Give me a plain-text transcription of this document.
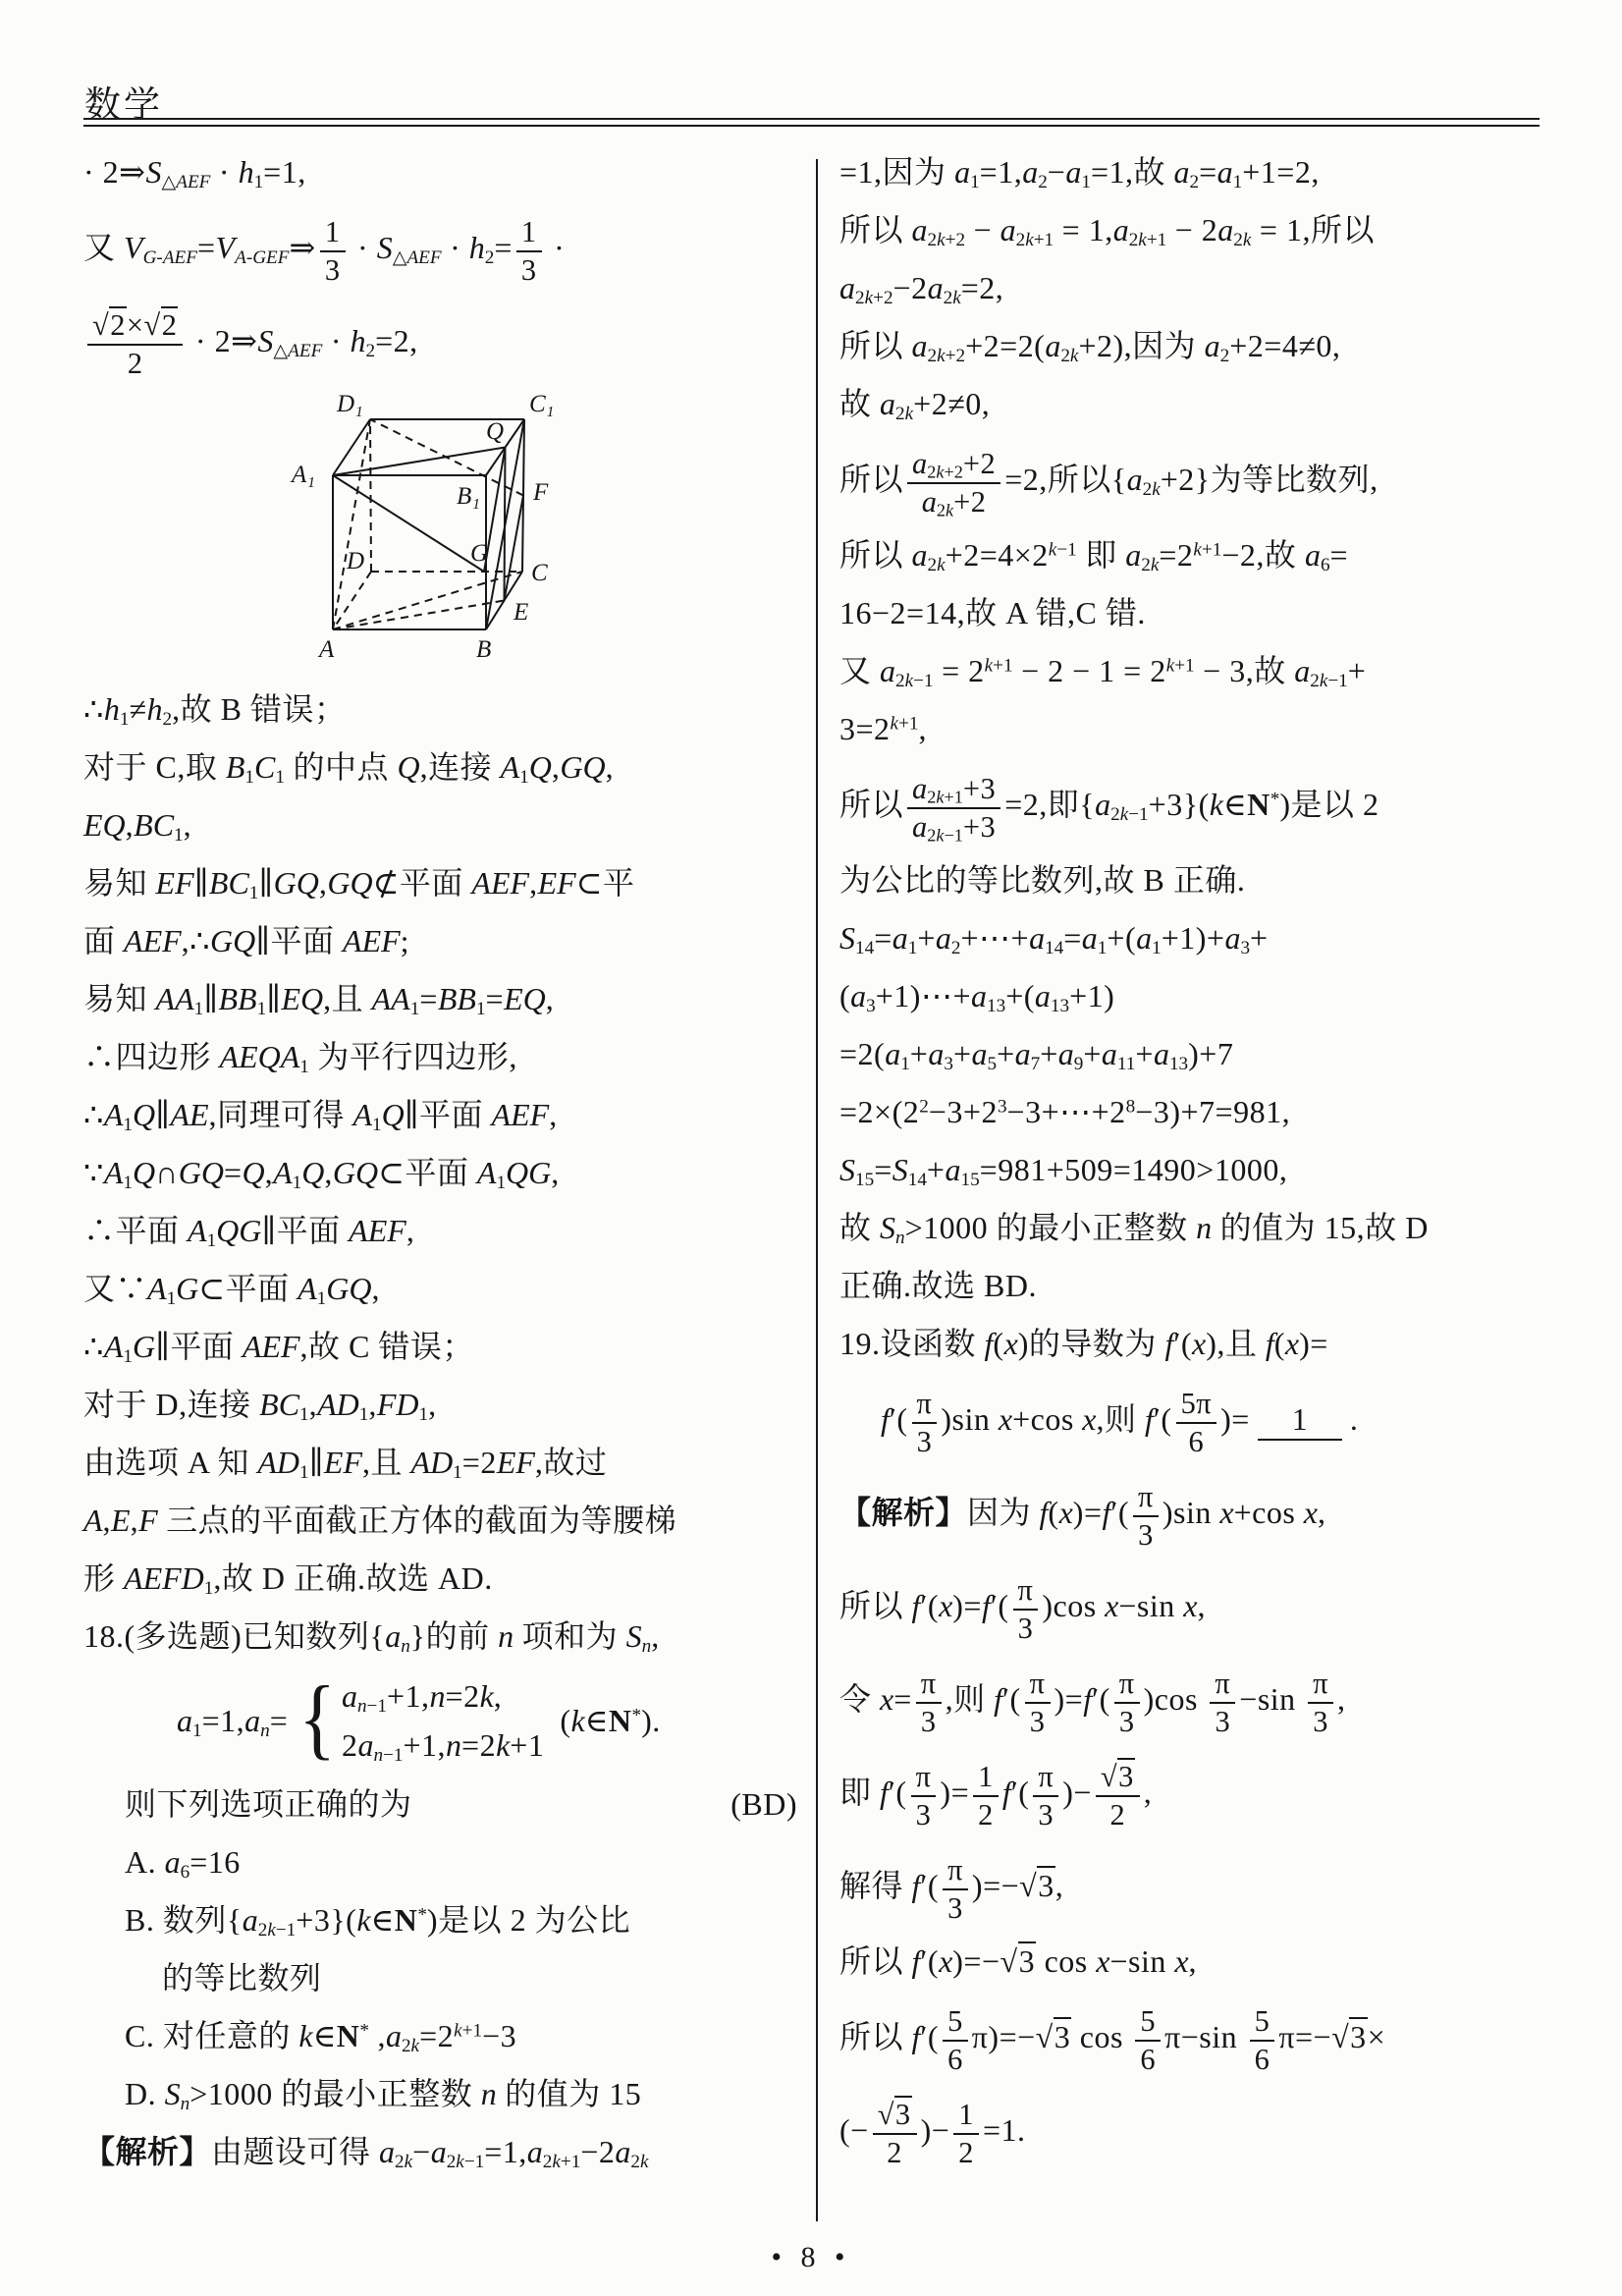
数学
· $2\Rightarrow S_{\triangle AEF} \cdot h_1=1$,
又 $V_{G-AEF}=V_{A-GEF}\Rightarrow \frac{1}{3} \cdot S_{\triangle AEF} \cdot h_2= \frac{1}{3}$ ·
$\frac{√2\times√2}{2}$ · $2\Rightarrow S_{\triangle AEF} \cdot h_2=2$,
D₁	C₁
Q
A₁
B₁ F
D	G
C
E
A	B
$\therefore h_1\ne h_2$,故 B 错误；
对于 C,取 $B_1C_1$ 的中点 Q,连接 $A_1Q,GQ$,
$EQ,BC_1$,
易知 $EF\parallel BC_1\parallel GQ,GQ⊄$平面 AEF,EF⊂平
面 AEF,∴GQ∥平面 AEF;
易知 $AA_1\parallel BB_1\parallel EQ$,且 $AA_1=BB_1=EQ$,
∴四边形 $AEQA_1$ 为平行四边形,
$\therefore A_1Q\parallel AE$,同理可得 $A_1Q\parallel$平面 AEF,
$\because A_1Q\cap GQ=Q,A_1Q,GQ\subset$平面 $A_1QG$,
∴平面 $A_1QG\parallel$平面 AEF,
又$\because A_1G\subset$平面 $A_1GQ$,
$\therefore A_1G\parallel$平面 AEF,故 C 错误；
对于 D,连接 $BC_1,AD_1,FD_1$,
由选项 A 知 $AD_1\parallel EF$,且 $AD_1=2EF$,故过
A,E,F 三点的平面截正方体的截面为等腰梯
形 $AEFD_1$,故 D 正确.故选 AD.
18.(多选题)已知数列$\{a_n\}$的前 n 项和为 $S_n$,
$a_1=1,a_n=$ { $a_{n-1}+1,n=2k$,
$2a_{n-1}+1,n=2k+1$
(k∈N*).
则下列选项正确的为	(BD)
A. $a_6=16$
B. 数列$\{a_{2k-1}+3\}(k\in N^*)$是以 2 为公比
的等比数列
C. 对任意的 k∈N* $,a_{2k}=2^{k+1}-3$
D. $S_n>1000$ 的最小正整数 n 的值为 15
【解析】由题设可得 $a_{2k}-a_{2k-1}=1,a_{2k+1}-2a_{2k}$
=1,因为 $a_1=1,a_2-a_1=1$,故 $a_2=a_1+1=2$,
所以 $a_{2k+2} - a_{2k+1} = 1,a_{2k+1} - 2a_{2k} = 1$,所以
$a_{2k+2}-2a_{2k}=2$,
所以 $a_{2k+2}+2=2(a_{2k}+2)$,因为 $a_2+2=4\ne 0$,
故 $a_{2k}+2\ne 0$,
所以 $\frac{a_{2k+2}+2}{a_{2k}+2} =2$,所以$\{a_{2k}+2\}$为等比数列,
所以 $a_{2k}+2=4\times 2^{k-1}$ 即 $a_{2k}=2^{k+1}-2$,故 $a_6=$
16−2=14,故 A 错,C 错.
又 $a_{2k-1} = 2^{k+1} - 2 - 1 = 2^{k+1} - 3$,故 $a_{2k-1}+$
$3=2^{k+1}$,
所以 $\frac{a_{2k+1}+3}{a_{2k-1}+3} =2$,即$\{a_{2k-1}+3\}(k\in N^*)$是以 2
为公比的等比数列,故 B 正确.
$S_{14}=a_1+a_2+\cdots+a_{14}=a_1+(a_1+1)+a_3+$
$(a_3+1)\cdots+a_{13}+(a_{13}+1)$
$=2(a_1+a_3+a_5+a_7+a_9+a_{11}+a_{13})+7$
$=2\times(2^2-3+2^3-3+\cdots+2^8-3)+7=981$,
$S_{15}=S_{14}+a_{15}=981+509=1490>1000$,
故 $S_n>1000$ 的最小正整数 n 的值为 15,故 D
正确.故选 BD.
19.设函数 f(x)的导数为 f′(x),且 f(x)=
$f'( \frac{\pi}{3} )\sin$ x+cos x,则 $f'( \frac{5\pi}{6}$ )= 1 .
【解析】因为 $f(x)=f'( \frac{\pi}{3} )\sin$ x+cos x,
所以 $f'(x)=f'( \frac{\pi}{3} )\cos$ x−sin x,
令 $x= \frac{\pi}{3}$ ,则 $f'( \frac{\pi}{3} )=f'( \frac{\pi}{3} )\cos \frac{\pi}{3} -\sin \frac{\pi}{3}$ ,
即 $f'( \frac{\pi}{3}$ )= $\frac{1}{2} f'( \frac{\pi}{3}$ )− $\frac{√3}{2}$ ,
解得 $f'( \frac{\pi}{3} )=-√3$,
所以 f′(x)=−√3 cos x−sin x,
所以 $f'( \frac{5}{6} \pi)=-√3$ $\cos \frac{5}{6} \pi-\sin \frac{5}{6} \pi=-√3\times$
(− $\frac{√3}{2}$ )− $\frac{1}{2} =1$.
• 8 •
